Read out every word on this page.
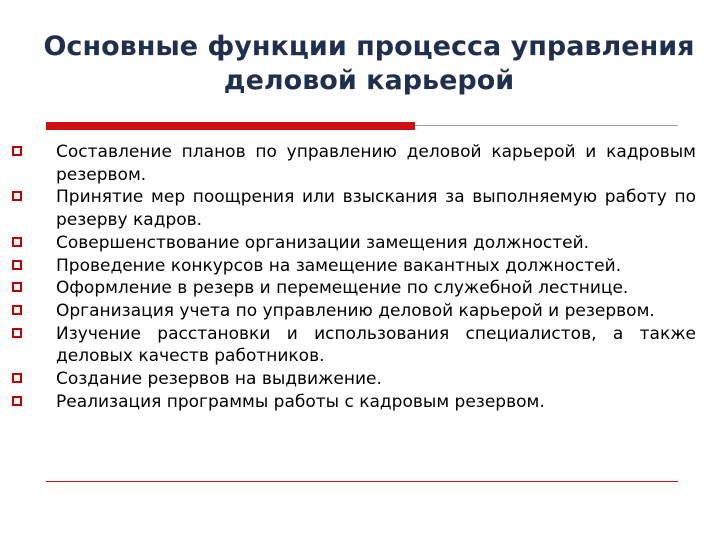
Основные функции процесса управления
деловой карьерой
Составление планов по управлению деловой карьерой и кадровым резервом.
Принятие мер поощрения или взыскания за выполняемую работу по резерву кадров.
Совершенствование организации замещения должностей.
Проведение конкурсов на замещение вакантных должностей.
Оформление в резерв и перемещение по служебной лестнице.
Организация учета по управлению деловой карьерой и резервом.
Изучение расстановки и использования специалистов, а также деловых качеств работников.
Создание резервов на выдвижение.
Реализация программы работы с кадровым резервом.
